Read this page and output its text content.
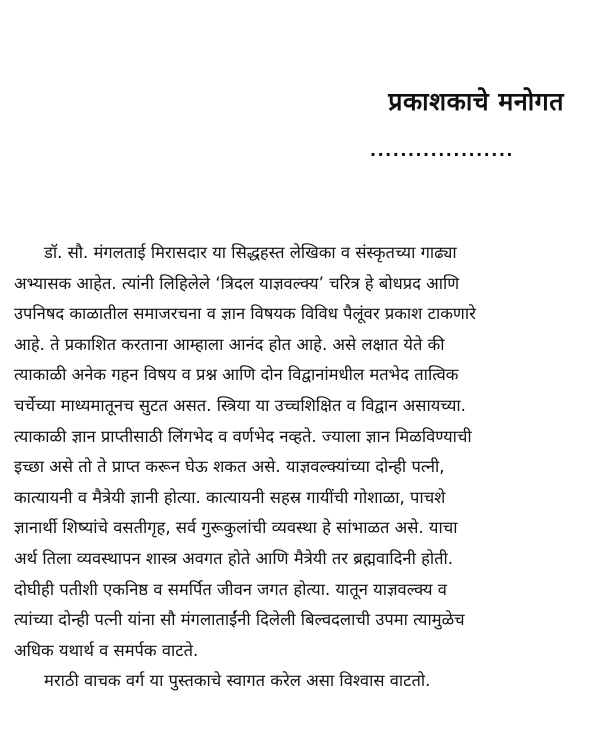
प्रकाशकाचे मनोगत
...................
डॉ. सौ. मंगलताई मिरासदार या सिद्धहस्त लेखिका व संस्कृतच्या गाढ्या
अभ्यासक आहेत. त्यांनी लिहिलेले ‘त्रिदल याज्ञवल्क्य’ चरित्र हे बोधप्रद आणि
उपनिषद काळातील समाजरचना व ज्ञान विषयक विविध पैलूंवर प्रकाश टाकणारे
आहे. ते प्रकाशित करताना आम्हाला आनंद होत आहे. असे लक्षात येते की
त्याकाळी अनेक गहन विषय व प्रश्न आणि दोन विद्वानांमधील मतभेद तात्विक
चर्चेच्या माध्यमातूनच सुटत असत. स्त्रिया या उच्चशिक्षित व विद्वान असायच्या.
त्याकाळी ज्ञान प्राप्तीसाठी लिंगभेद व वर्णभेद नव्हते. ज्याला ज्ञान मिळविण्याची
इच्छा असे तो ते प्राप्त करून घेऊ शकत असे. याज्ञवल्क्यांच्या दोन्ही पत्नी,
कात्यायनी व मैत्रेयी ज्ञानी होत्या. कात्यायनी सहस्र गायींची गोशाळा, पाचशे
ज्ञानार्थी शिष्यांचे वसतीगृह, सर्व गुरूकुलांची व्यवस्था हे सांभाळत असे. याचा
अर्थ तिला व्यवस्थापन शास्त्र अवगत होते आणि मैत्रेयी तर ब्रह्मवादिनी होती.
दोघीही पतीशी एकनिष्ठ व समर्पित जीवन जगत होत्या. यातून याज्ञवल्क्य व
त्यांच्या दोन्ही पत्नी यांना सौ मंगलाताईंनी दिलेली बिल्वदलाची उपमा त्यामुळेच
अधिक यथार्थ व समर्पक वाटते.
मराठी वाचक वर्ग या पुस्तकाचे स्वागत करेल असा विश्वास वाटतो.
